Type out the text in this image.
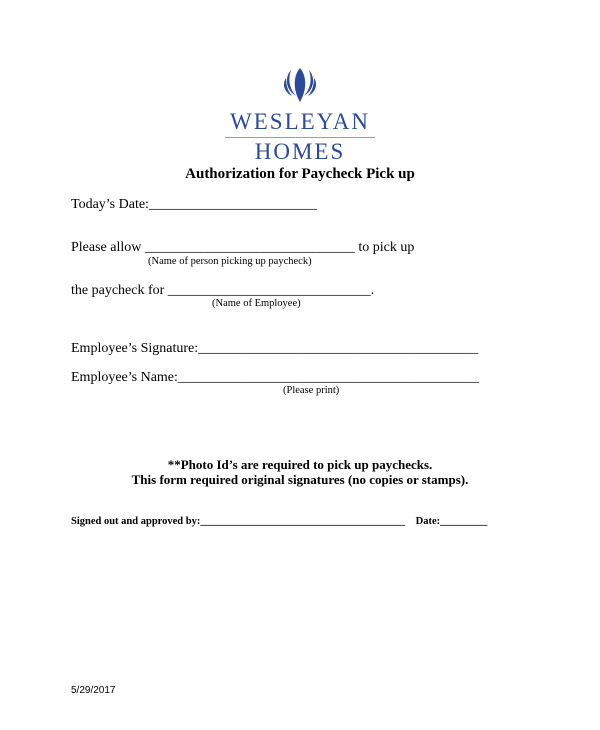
WESLEYAN
HOMES
Authorization for Paycheck Pick up
Today’s Date:________________________
Please allow ______________________________ to pick up
(Name of person picking up paycheck)
the paycheck for _____________________________.
(Name of Employee)
Employee’s Signature:________________________________________
Employee’s Name:___________________________________________
(Please print)
**Photo Id’s are required to pick up paychecks.
This form required original signatures (no copies or stamps).
Signed out and approved by:_______________________________________ Date:_________
5/29/2017
